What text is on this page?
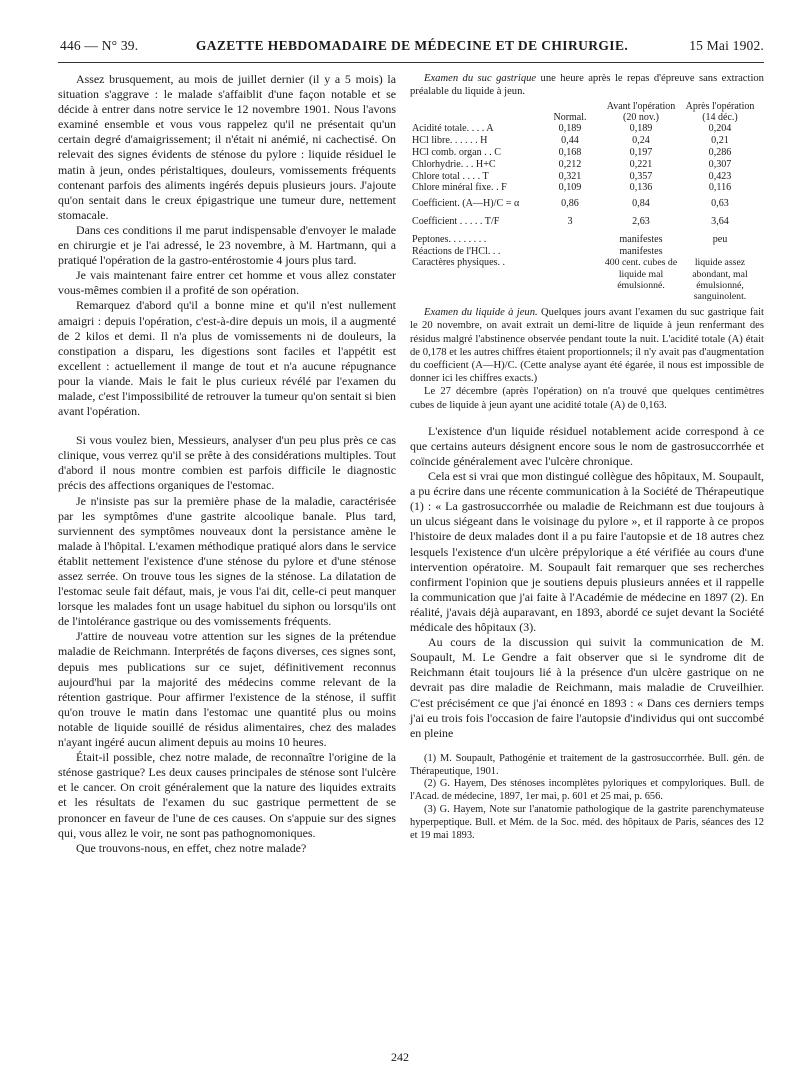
446 — N° 39.	GAZETTE HEBDOMADAIRE DE MÉDECINE ET DE CHIRURGIE.	15 Mai 1902.

Assez brusquement, au mois de juillet dernier (il y a 5 mois) la situation s'aggrave : le malade s'affaiblit d'une façon notable et se décide à entrer dans notre service le 12 novembre 1901. Nous l'avons examiné ensemble et vous vous rappelez qu'il ne présentait qu'un certain degré d'amaigrissement; il n'était ni anémié, ni cachectisé. On relevait des signes évidents de sténose du pylore : liquide résiduel le matin à jeun, ondes péristaltiques, douleurs, vomissements fréquents contenant parfois des aliments ingérés depuis plusieurs jours. J'ajoute qu'on sentait dans le creux épigastrique une tumeur dure, nettement stomacale.

Dans ces conditions il me parut indispensable d'envoyer le malade en chirurgie et je l'ai adressé, le 23 novembre, à M. Hartmann, qui a pratiqué l'opération de la gastro-entérostomie 4 jours plus tard.

Je vais maintenant faire entrer cet homme et vous allez constater vous-mêmes combien il a profité de son opération.

Remarquez d'abord qu'il a bonne mine et qu'il n'est nullement amaigri : depuis l'opération, c'est-à-dire depuis un mois, il a augmenté de 2 kilos et demi. Il n'a plus de vomissements ni de douleurs, la constipation a disparu, les digestions sont faciles et l'appétit est excellent : actuellement il mange de tout et n'a aucune répugnance pour la viande. Mais le fait le plus curieux révélé par l'examen du malade, c'est l'impossibilité de retrouver la tumeur qu'on sentait si bien avant l'opération.

Si vous voulez bien, Messieurs, analyser d'un peu plus près ce cas clinique, vous verrez qu'il se prête à des considérations multiples. Tout d'abord il nous montre combien est parfois difficile le diagnostic précis des affections organiques de l'estomac.

Je n'insiste pas sur la première phase de la maladie, caractérisée par les symptômes d'une gastrite alcoolique banale. Plus tard, surviennent des symptômes nouveaux dont la persistance amène le malade à l'hôpital. L'examen méthodique pratiqué alors dans le service établit nettement l'existence d'une sténose du pylore et d'une sténose assez serrée. On trouve tous les signes de la sténose. La dilatation de l'estomac seule fait défaut, mais, je vous l'ai dit, celle-ci peut manquer lorsque les malades font un usage habituel du siphon ou lorsqu'ils ont de l'intolérance gastrique ou des vomissements fréquents.

J'attire de nouveau votre attention sur les signes de la prétendue maladie de Reichmann. Interprétés de façons diverses, ces signes sont, depuis mes publications sur ce sujet, définitivement reconnus aujourd'hui par la majorité des médecins comme relevant de la rétention gastrique. Pour affirmer l'existence de la sténose, il suffit qu'on trouve le matin dans l'estomac une quantité plus ou moins notable de liquide souillé de résidus alimentaires, chez des malades n'ayant ingéré aucun aliment depuis au moins 10 heures.

Était-il possible, chez notre malade, de reconnaître l'origine de la sténose gastrique? Les deux causes principales de sténose sont l'ulcère et le cancer. On croit généralement que la nature des liquides extraits et les résultats de l'examen du suc gastrique permettent de se prononcer en faveur de l'une de ces causes. On s'appuie sur des signes qui, vous allez le voir, ne sont pas pathognomoniques.

Que trouvons-nous, en effet, chez notre malade?

Examen du suc gastrique une heure après le repas d'épreuve sans extraction préalable du liquide à jeun.

	Normal.	Avant l'opération (20 nov.)	Après l'opération (14 déc.)
Acidité totale. . . . A	0,189	0,189	0,204
HCl libre. . . . . . H	0,44	0,24	0,21
HCl comb. organ . . C	0,168	0,197	0,286
Chlorhydrie. . . H+C	0,212	0,221	0,307
Chlore total . . . . T	0,321	0,357	0,423
Chlore minéral fixe. . F	0,109	0,136	0,116
Coefficient. (A—H)/C = α	0,86	0,84	0,63
Coefficient . . . . . T/F	3	2,63	3,64
Peptones. . . . . . . .		manifestes	peu
Réactions de l'HCl. . .		manifestes	
Caractères physiques. .		400 cent. cubes de liquide mal émulsionné.	liquide assez abondant, mal émulsionné, sanguinolent.

Examen du liquide à jeun. Quelques jours avant l'examen du suc gastrique fait le 20 novembre, on avait extrait un demi-litre de liquide à jeun renfermant des résidus malgré l'abstinence observée pendant toute la nuit. L'acidité totale (A) était de 0,178 et les autres chiffres étaient proportionnels; il n'y avait pas d'augmentation du coefficient (A—H)/C. (Cette analyse ayant été égarée, il nous est impossible de donner ici les chiffres exacts.)

Le 27 décembre (après l'opération) on n'a trouvé que quelques centimètres cubes de liquide à jeun ayant une acidité totale (A) de 0,163.

L'existence d'un liquide résiduel notablement acide correspond à ce que certains auteurs désignent encore sous le nom de gastrosuccorrhée et coïncide généralement avec l'ulcère chronique.

Cela est si vrai que mon distingué collègue des hôpitaux, M. Soupault, a pu écrire dans une récente communication à la Société de Thérapeutique (1) : « La gastrosuccorrhée ou maladie de Reichmann est due toujours à un ulcus siégeant dans le voisinage du pylore », et il rapporte à ce propos l'histoire de deux malades dont il a pu faire l'autopsie et de 18 autres chez lesquels l'existence d'un ulcère prépylorique a été vérifiée au cours d'une intervention opératoire. M. Soupault fait remarquer que ses recherches confirment l'opinion que je soutiens depuis plusieurs années et il rappelle la communication que j'ai faite à l'Académie de médecine en 1897 (2). En réalité, j'avais déjà auparavant, en 1893, abordé ce sujet devant la Société médicale des hôpitaux (3).

Au cours de la discussion qui suivit la communication de M. Soupault, M. Le Gendre a fait observer que si le syndrome dit de Reichmann était toujours lié à la présence d'un ulcère gastrique on ne devrait pas dire maladie de Reichmann, mais maladie de Cruveilhier. C'est précisément ce que j'ai énoncé en 1893 : « Dans ces derniers temps j'ai eu trois fois l'occasion de faire l'autopsie d'individus qui ont succombé en pleine

(1) M. Soupault, Pathogénie et traitement de la gastrosuccorrhée. Bull. gén. de Thérapeutique, 1901.

(2) G. Hayem, Des sténoses incomplètes pyloriques et compyloriques. Bull. de l'Acad. de médecine, 1897, 1er mai, p. 601 et 25 mai, p. 656.

(3) G. Hayem, Note sur l'anatomie pathologique de la gastrite parenchymateuse hyperpeptique. Bull. et Mém. de la Soc. méd. des hôpitaux de Paris, séances des 12 et 19 mai 1893.

242
